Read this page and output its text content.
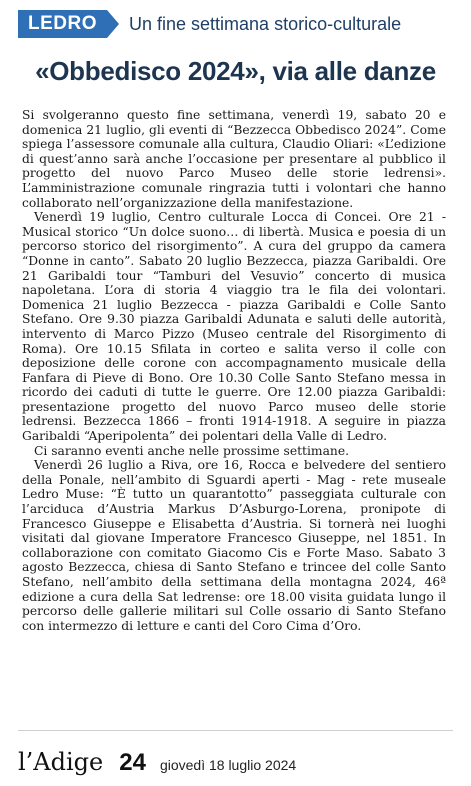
LEDRO	Un fine settimana storico-culturale
«Obbedisco 2024», via alle danze

Si svolgeranno questo fine settimana, venerdì 19, sabato 20 e domenica 21 luglio, gli eventi di “Bezzecca Obbedisco 2024”. Come spiega l’assessore comunale alla cultura, Claudio Oliari: «L’edizione di quest’anno sarà anche l’occasione per presentare al pubblico il progetto del nuovo Parco Museo delle storie ledrensi». L’amministrazione comunale ringrazia tutti i volontari che hanno collaborato nell’organizzazione della manifestazione.

Venerdì 19 luglio, Centro culturale Locca di Concei. Ore 21 - Musical storico “Un dolce suono… di libertà. Musica e poesia di un percorso storico del risorgimento”. A cura del gruppo da camera “Donne in canto”. Sabato 20 luglio Bezzecca, piazza Garibaldi. Ore 21 Garibaldi tour “Tamburi del Vesuvio” concerto di musica napoletana. L’ora di storia 4 viaggio tra le fila dei volontari. Domenica 21 luglio Bezzecca - piazza Garibaldi e Colle Santo Stefano. Ore 9.30 piazza Garibaldi Adunata e saluti delle autorità, intervento di Marco Pizzo (Museo centrale del Risorgimento di Roma). Ore 10.15 Sfilata in corteo e salita verso il colle con deposizione delle corone con accompagnamento musicale della Fanfara di Pieve di Bono. Ore 10.30 Colle Santo Stefano messa in ricordo dei caduti di tutte le guerre. Ore 12.00 piazza Garibaldi: presentazione progetto del nuovo Parco museo delle storie ledrensi. Bezzecca 1866 – fronti 1914-1918. A seguire in piazza Garibaldi “Aperipolenta” dei polentari della Valle di Ledro.

Ci saranno eventi anche nelle prossime settimane.

Venerdì 26 luglio a Riva, ore 16, Rocca e belvedere del sentiero della Ponale, nell’ambito di Sguardi aperti - Mag - rete museale Ledro Muse: “È tutto un quarantotto” passeggiata culturale con l’arciduca d’Austria Markus D’Asburgo-Lorena, pronipote di Francesco Giuseppe e Elisabetta d’Austria. Si tornerà nei luoghi visitati dal giovane Imperatore Francesco Giuseppe, nel 1851. In collaborazione con comitato Giacomo Cis e Forte Maso. Sabato 3 agosto Bezzecca, chiesa di Santo Stefano e trincee del colle Santo Stefano, nell’ambito della settimana della montagna 2024, 46ª edizione a cura della Sat ledrense: ore 18.00 visita guidata lungo il percorso delle gallerie militari sul Colle ossario di Santo Stefano con intermezzo di letture e canti del Coro Cima d’Oro.

l’Adige 24 giovedì 18 luglio 2024
